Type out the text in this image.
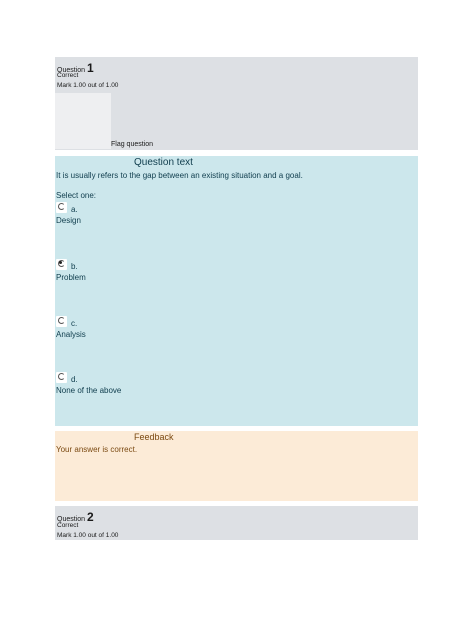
Question 1
Correct
Mark 1.00 out of 1.00
Flag question
Question text
It is usually refers to the gap between an existing situation and a goal.
Select one:
a.
Design
b.
Problem
c.
Analysis
d.
None of the above
Feedback
Your answer is correct.
Question 2
Correct
Mark 1.00 out of 1.00
